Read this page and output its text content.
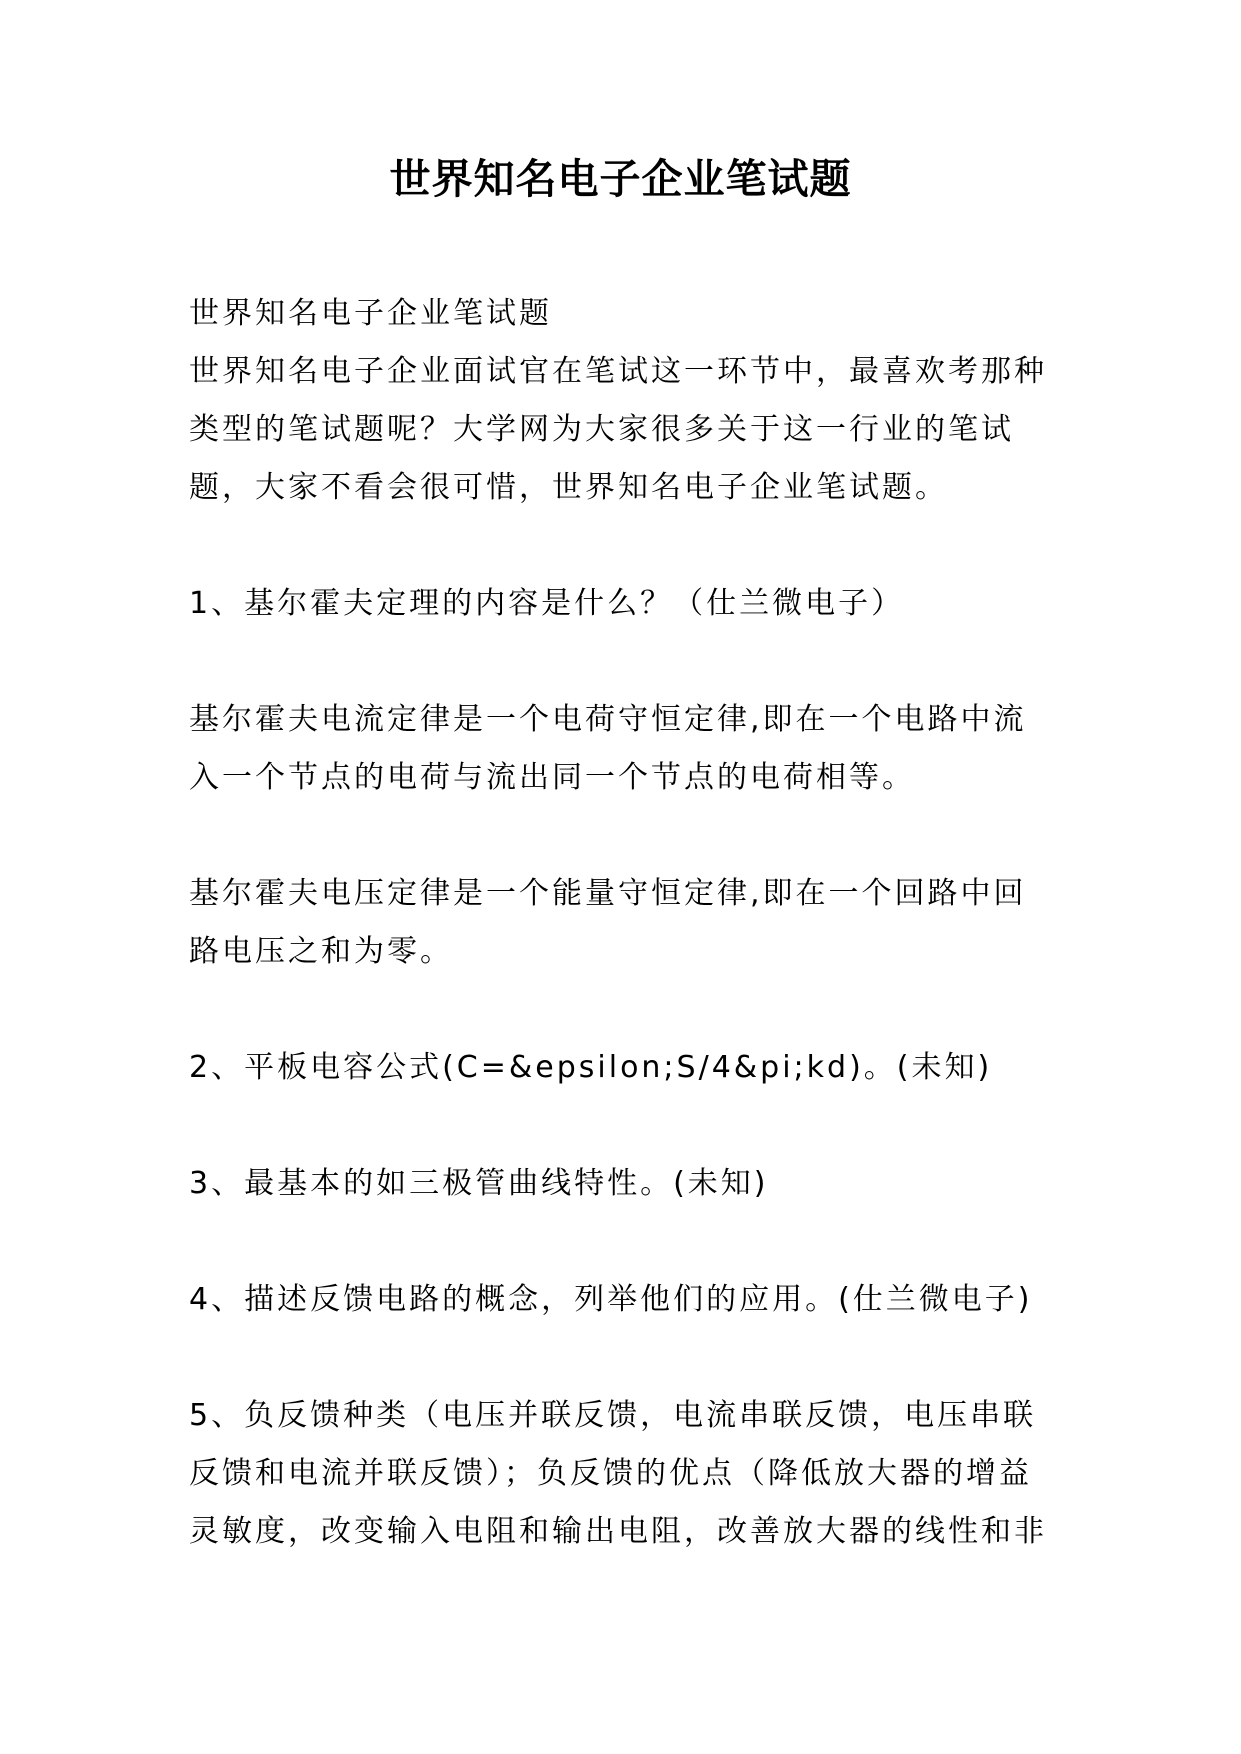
世界知名电子企业笔试题

世界知名电子企业笔试题

世界知名电子企业面试官在笔试这一环节中，最喜欢考那种

类型的笔试题呢？大学网为大家很多关于这一行业的笔试

题，大家不看会很可惜，世界知名电子企业笔试题。

1、基尔霍夫定理的内容是什么？（仕兰微电子）

基尔霍夫电流定律是一个电荷守恒定律,即在一个电路中流

入一个节点的电荷与流出同一个节点的电荷相等。

基尔霍夫电压定律是一个能量守恒定律,即在一个回路中回

路电压之和为零。

2、平板电容公式(C=&epsilon;S/4&pi;kd)。(未知)

3、最基本的如三极管曲线特性。(未知)

4、描述反馈电路的概念，列举他们的应用。(仕兰微电子)

5、负反馈种类（电压并联反馈，电流串联反馈，电压串联

反馈和电流并联反馈）；负反馈的优点（降低放大器的增益

灵敏度，改变输入电阻和输出电阻，改善放大器的线性和非
